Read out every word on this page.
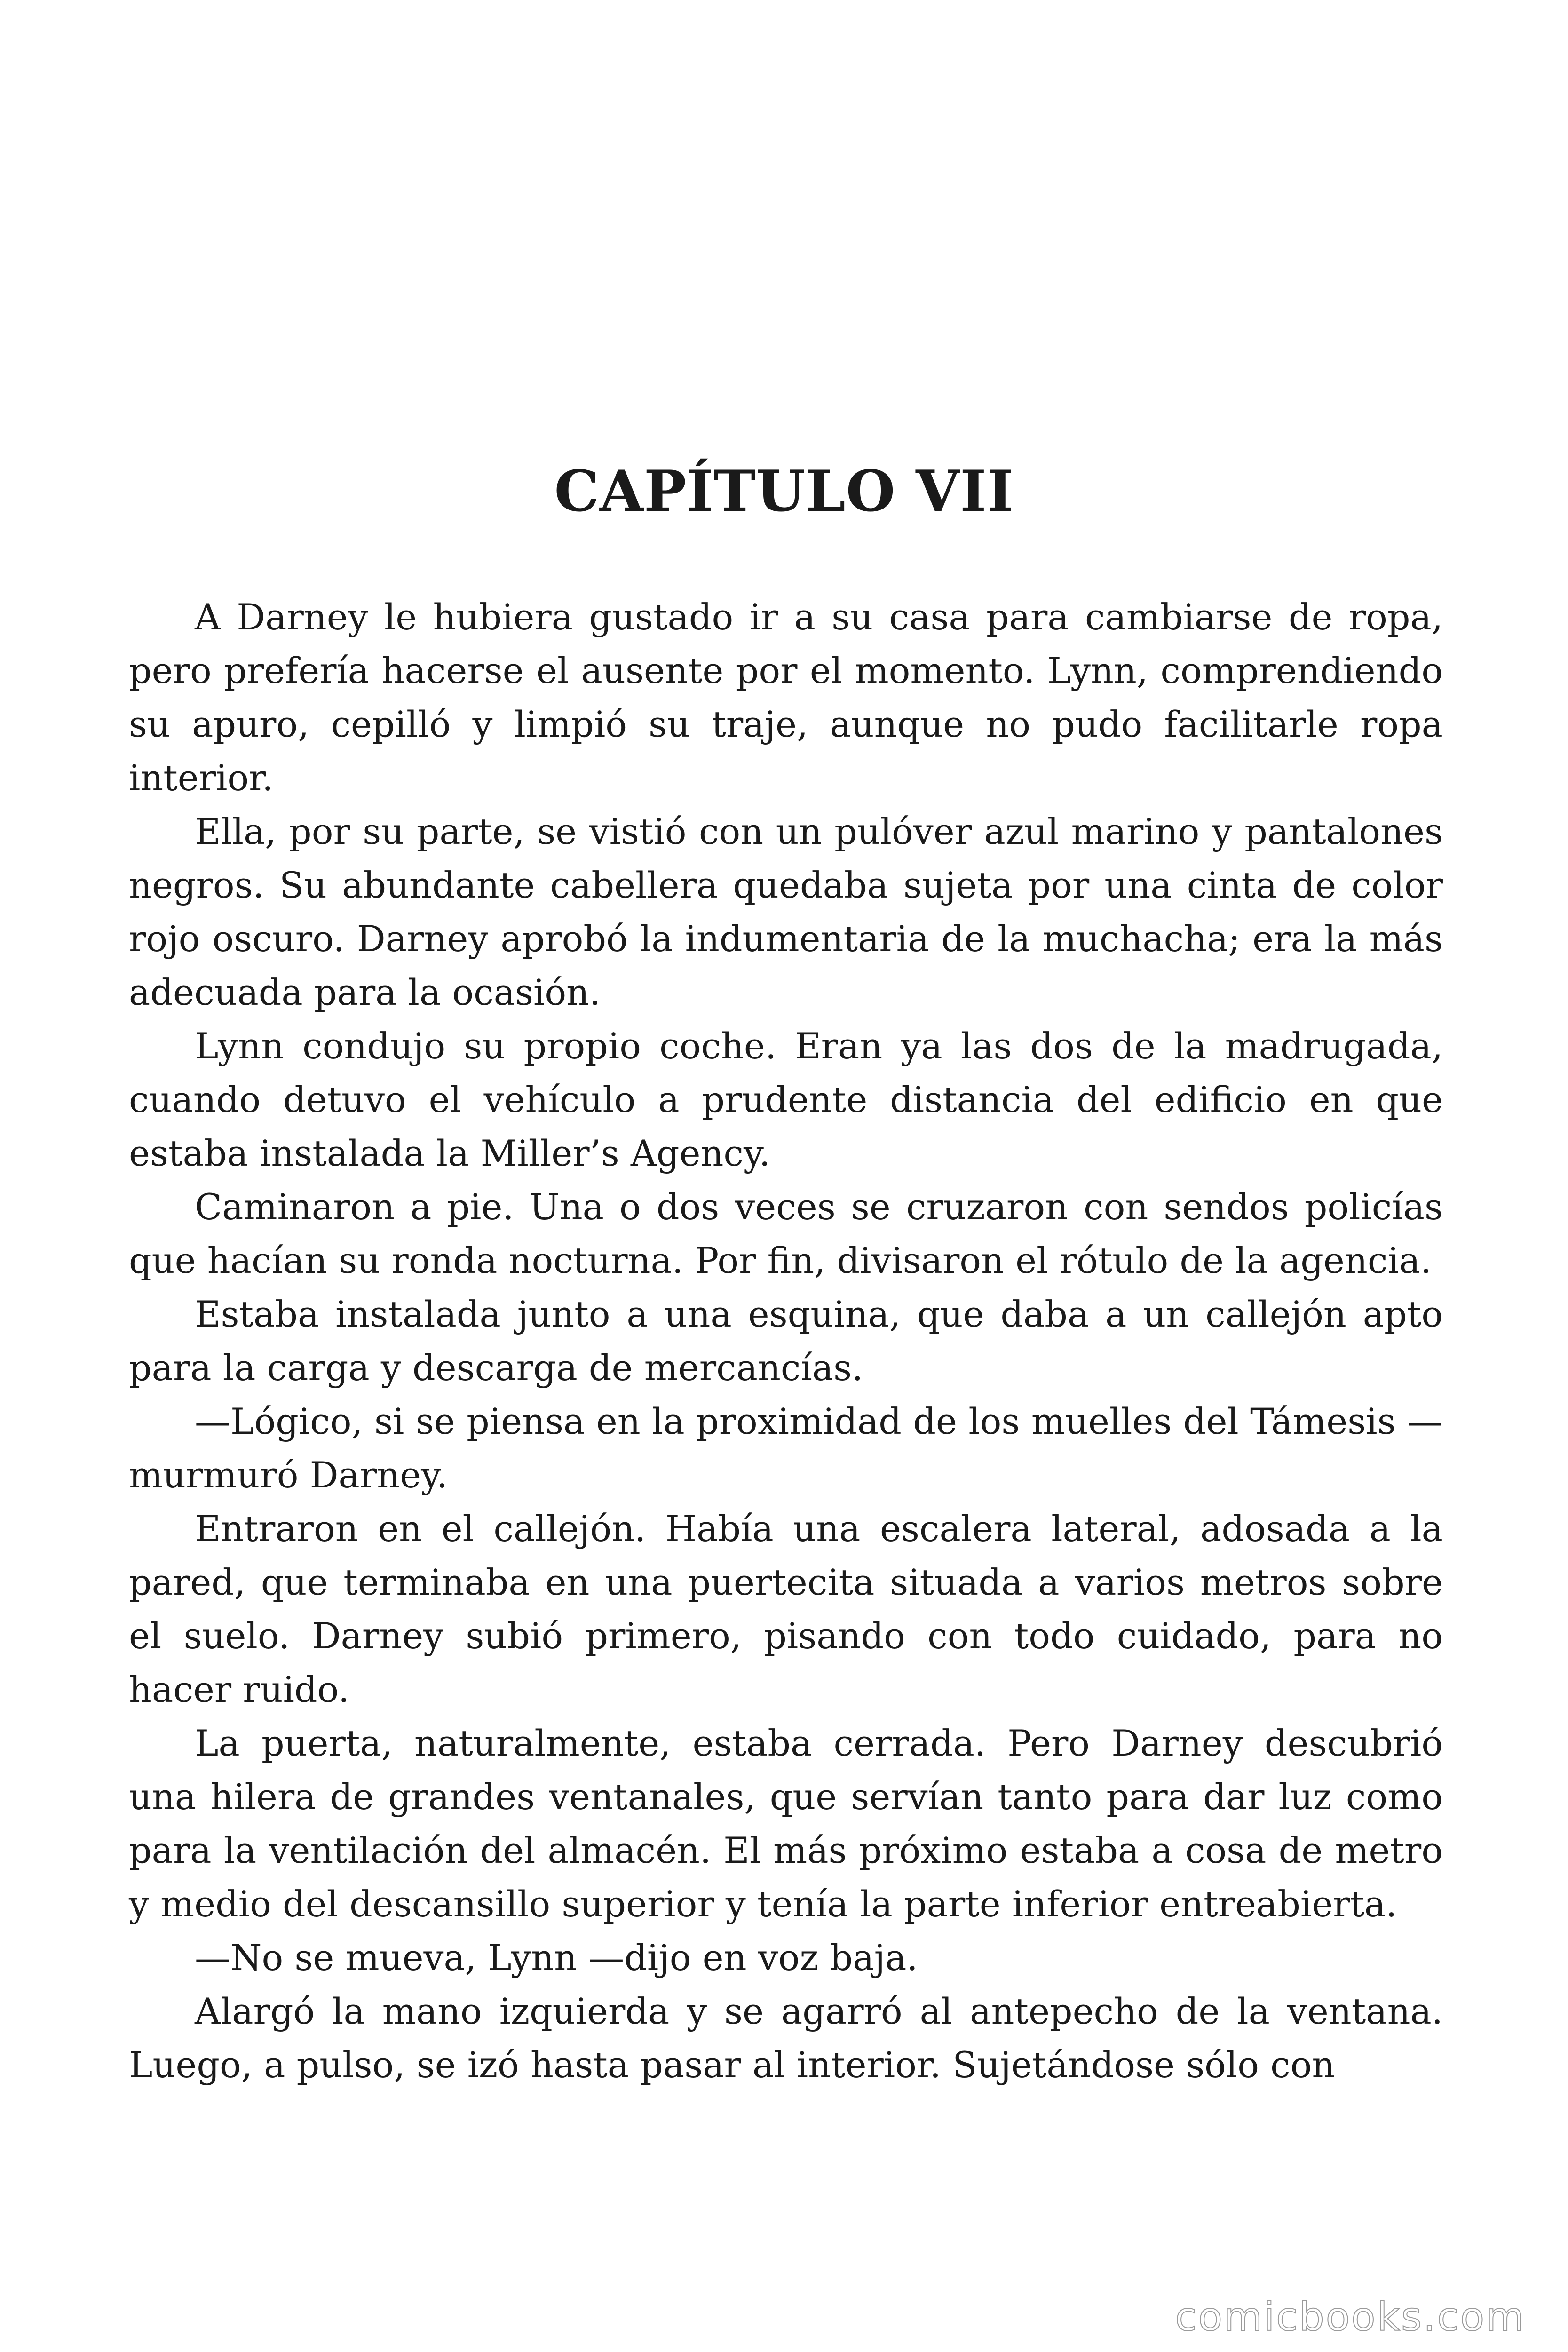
CAPÍTULO VII

A Darney le hubiera gustado ir a su casa para cambiarse de ropa, pero prefería hacerse el ausente por el momento. Lynn, comprendiendo su apuro, cepilló y limpió su traje, aunque no pudo facilitarle ropa interior.

Ella, por su parte, se vistió con un pulóver azul marino y pantalones negros. Su abundante cabellera quedaba sujeta por una cinta de color rojo oscuro. Darney aprobó la indumentaria de la muchacha; era la más adecuada para la ocasión.

Lynn condujo su propio coche. Eran ya las dos de la madrugada, cuando detuvo el vehículo a prudente distancia del edificio en que estaba instalada la Miller’s Agency.

Caminaron a pie. Una o dos veces se cruzaron con sendos policías que hacían su ronda nocturna. Por fin, divisaron el rótulo de la agencia.

Estaba instalada junto a una esquina, que daba a un callejón apto para la carga y descarga de mercancías.

—Lógico, si se piensa en la proximidad de los muelles del Támesis —murmuró Darney.

Entraron en el callejón. Había una escalera lateral, adosada a la pared, que terminaba en una puertecita situada a varios metros sobre el suelo. Darney subió primero, pisando con todo cuidado, para no hacer ruido.

La puerta, naturalmente, estaba cerrada. Pero Darney descubrió una hilera de grandes ventanales, que servían tanto para dar luz como para la ventilación del almacén. El más próximo estaba a cosa de metro y medio del descansillo superior y tenía la parte inferior entreabierta.

—No se mueva, Lynn —dijo en voz baja.

Alargó la mano izquierda y se agarró al antepecho de la ventana. Luego, a pulso, se izó hasta pasar al interior. Sujetándose sólo con

comicbooks.com
